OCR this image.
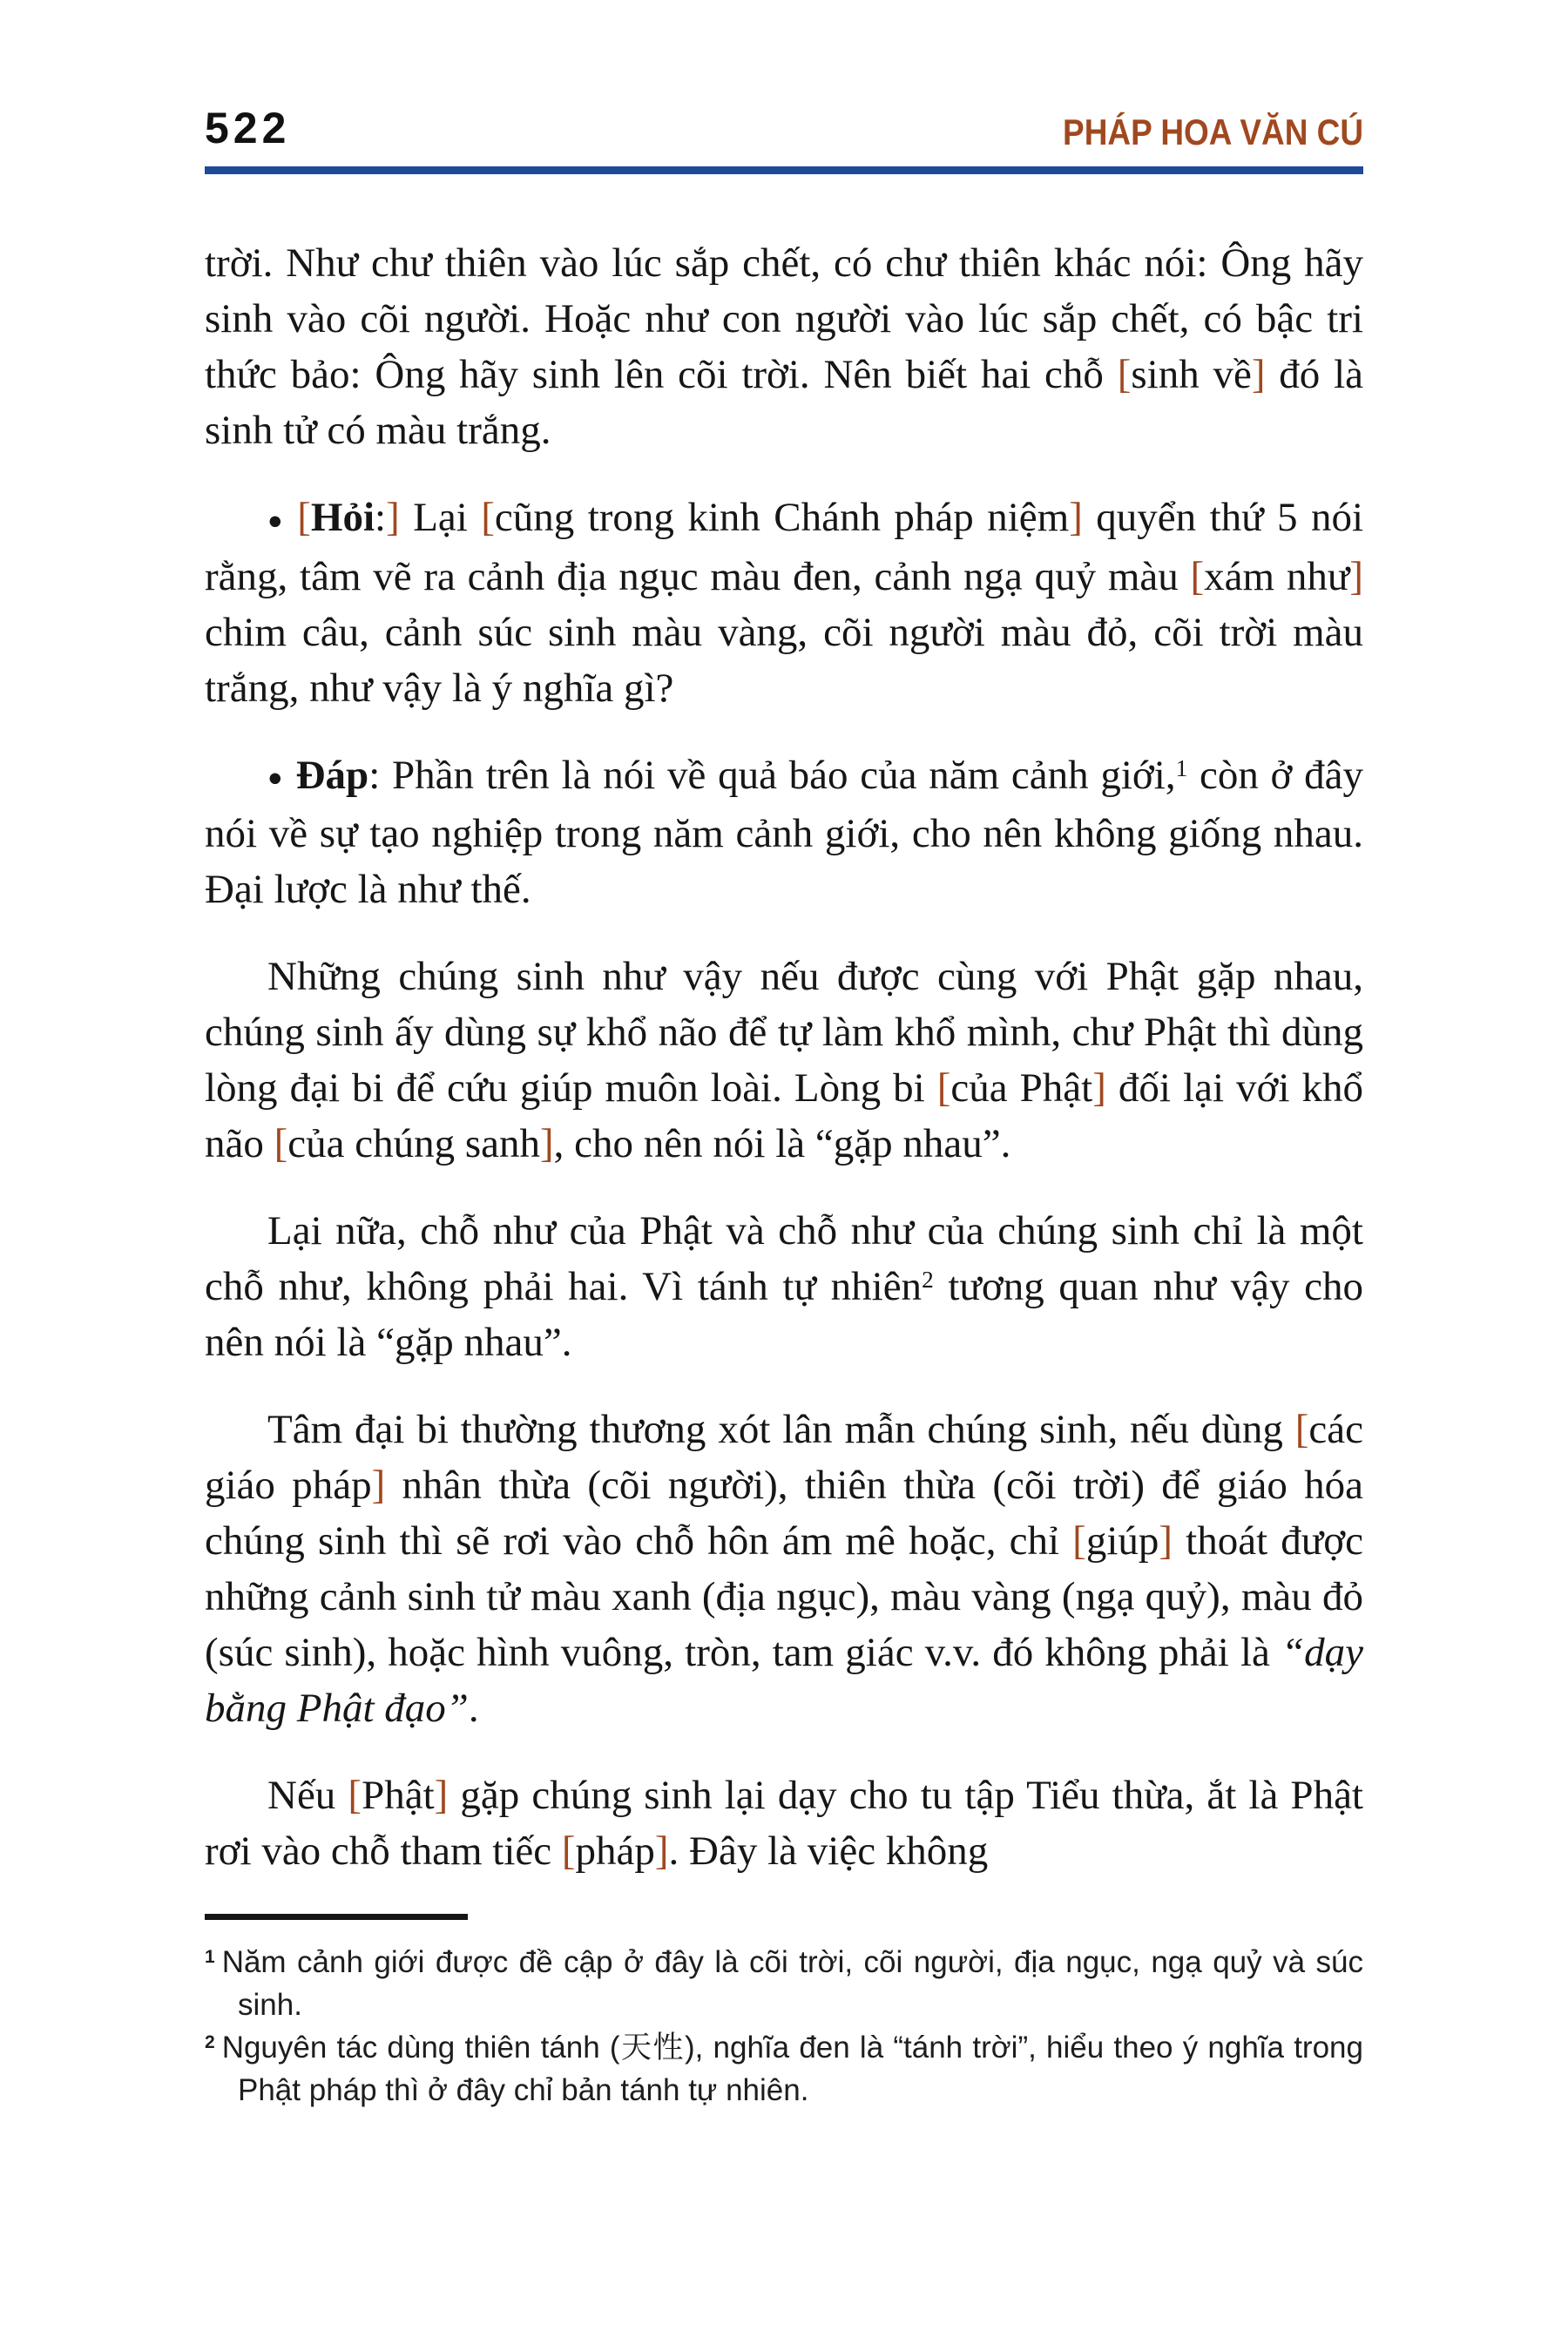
522	PHÁP HOA VĂN CÚ

trời. Như chư thiên vào lúc sắp chết, có chư thiên khác nói: Ông hãy sinh vào cõi người. Hoặc như con người vào lúc sắp chết, có bậc tri thức bảo: Ông hãy sinh lên cõi trời. Nên biết hai chỗ [sinh về] đó là sinh tử có màu trắng.

● [Hỏi:] Lại [cũng trong kinh Chánh pháp niệm] quyển thứ 5 nói rằng, tâm vẽ ra cảnh địa ngục màu đen, cảnh ngạ quỷ màu [xám như] chim câu, cảnh súc sinh màu vàng, cõi người màu đỏ, cõi trời màu trắng, như vậy là ý nghĩa gì?

● Đáp: Phần trên là nói về quả báo của năm cảnh giới,$^1$ còn ở đây nói về sự tạo nghiệp trong năm cảnh giới, cho nên không giống nhau. Đại lược là như thế.

Những chúng sinh như vậy nếu được cùng với Phật gặp nhau, chúng sinh ấy dùng sự khổ não để tự làm khổ mình, chư Phật thì dùng lòng đại bi để cứu giúp muôn loài. Lòng bi [của Phật] đối lại với khổ não [của chúng sanh], cho nên nói là “gặp nhau”.

Lại nữa, chỗ như của Phật và chỗ như của chúng sinh chỉ là một chỗ như, không phải hai. Vì tánh tự nhiên$^2$ tương quan như vậy cho nên nói là “gặp nhau”.

Tâm đại bi thường thương xót lân mẫn chúng sinh, nếu dùng [các giáo pháp] nhân thừa (cõi người), thiên thừa (cõi trời) để giáo hóa chúng sinh thì sẽ rơi vào chỗ hôn ám mê hoặc, chỉ [giúp] thoát được những cảnh sinh tử màu xanh (địa ngục), màu vàng (ngạ quỷ), màu đỏ (súc sinh), hoặc hình vuông, tròn, tam giác v.v. đó không phải là “dạy bằng Phật đạo”.

Nếu [Phật] gặp chúng sinh lại dạy cho tu tập Tiểu thừa, ắt là Phật rơi vào chỗ tham tiếc [pháp]. Đây là việc không

$^1$ Năm cảnh giới được đề cập ở đây là cõi trời, cõi người, địa ngục, ngạ quỷ và súc sinh.

$^2$ Nguyên tác dùng thiên tánh (天性), nghĩa đen là “tánh trời”, hiểu theo ý nghĩa trong Phật pháp thì ở đây chỉ bản tánh tự nhiên.
